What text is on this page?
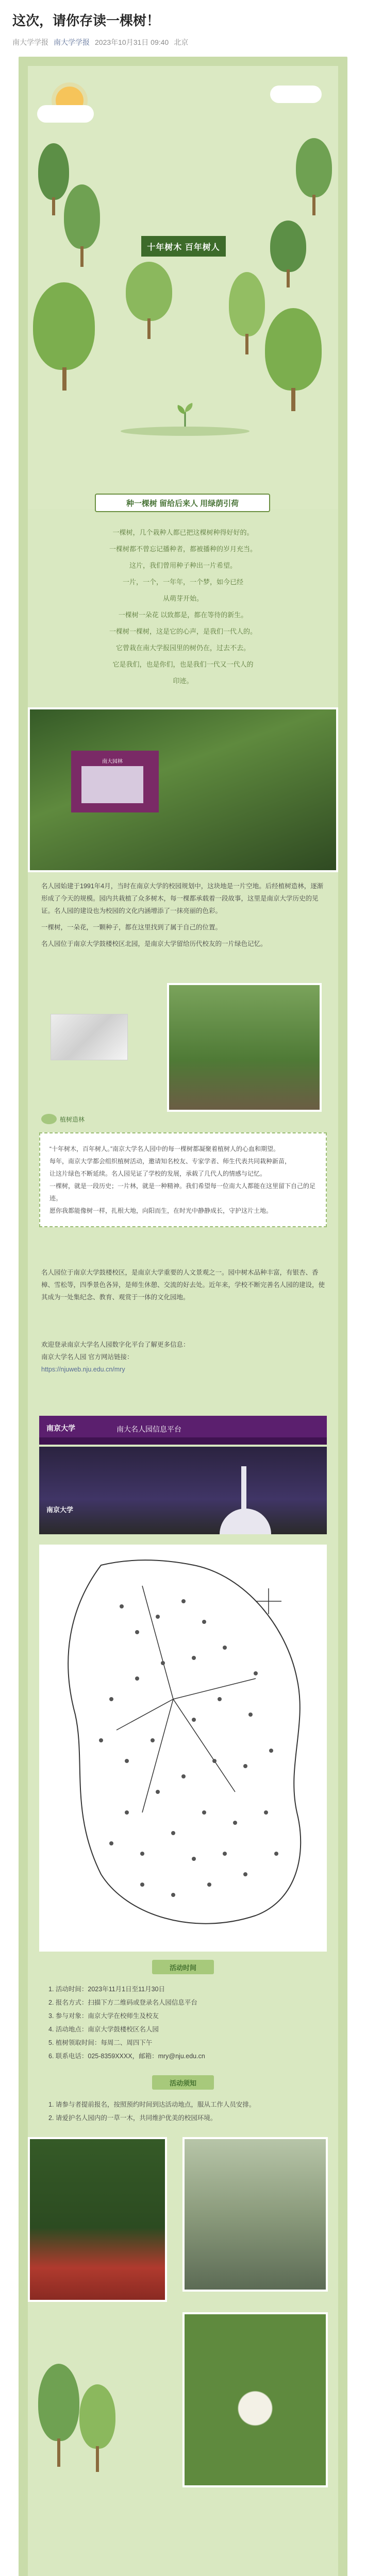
这次，请你存读一棵树！
南大学学报 南大学学报 2023年10月31日 09:40 北京
十年树木 百年树人
种一棵树 留给后来人 用绿荫引荷
一棵树，几个栽种人都已把这棵树种得好好的。
一棵树都不曾忘记播种者，都被播种的岁月充当。
这片，我们曾用种子种出一片希望。
一片，一个，一年年，一个梦，如今已经
从萌芽开始。
一棵树一朵花 以致都是，都在等待的新生。
一棵树一棵树，这是它的心声，是我们一代人的。
它曾栽在南大学报园里的树仍在，过去不去。
它是我们，也是你们，也是我们一代又一代人的
印迹。
南大园林
名人园始建于1991年4月，当时在南京大学的校园规划中，这块地是一片空地。后经植树造林，逐渐形成了今天的规模。园内共栽植了众多树木，每一棵都承载着一段故事，这里是南京大学历史的见证。名人园的建设也为校园的文化内涵增添了一抹亮丽的色彩。
一棵树，一朵花，一颗种子，都在这里找到了属于自己的位置。
名人园位于南京大学鼓楼校区北园，是南京大学留给历代校友的一片绿色记忆。
植树造林
“十年树木，百年树人。”南京大学名人园中的每一棵树都凝聚着植树人的心血和期望。
每年，南京大学都会组织植树活动，邀请知名校友、专家学者、师生代表共同栽种新苗，
让这片绿色不断延续。名人园见证了学校的发展，承载了几代人的情感与记忆。
一棵树，就是一段历史；一片林，就是一种精神。我们希望每一位南大人都能在这里留下自己的足迹。
愿你我都能像树一样，扎根大地，向阳而生，在时光中静静成长，守护这片土地。
名人园位于南京大学鼓楼校区，是南京大学重要的人文景观之一。园中树木品种丰富，有银杏、香樟、雪松等，四季景色各异，是师生休憩、交流的好去处。近年来，学校不断完善名人园的建设，使其成为一处集纪念、教育、观赏于一体的文化园地。
欢迎登录南京大学名人园数字化平台了解更多信息：
南京大学名人园 官方网站链接：
https://njuweb.nju.edu.cn/mry
南京大学	南大名人园信息平台
南京大学
活动时间
1. 活动时间：2023年11月1日至11月30日
2. 报名方式：扫描下方二维码或登录名人园信息平台
3. 参与对象：南京大学在校师生及校友
4. 活动地点：南京大学鼓楼校区名人园
5. 植树领取时间：每周二、周四下午
6. 联系电话：025-8359XXXX，邮箱：mry@nju.edu.cn
活动须知
1. 请参与者提前报名，按照预约时间到达活动地点，服从工作人员安排。
2. 请爱护名人园内的一草一木，共同维护优美的校园环境。
